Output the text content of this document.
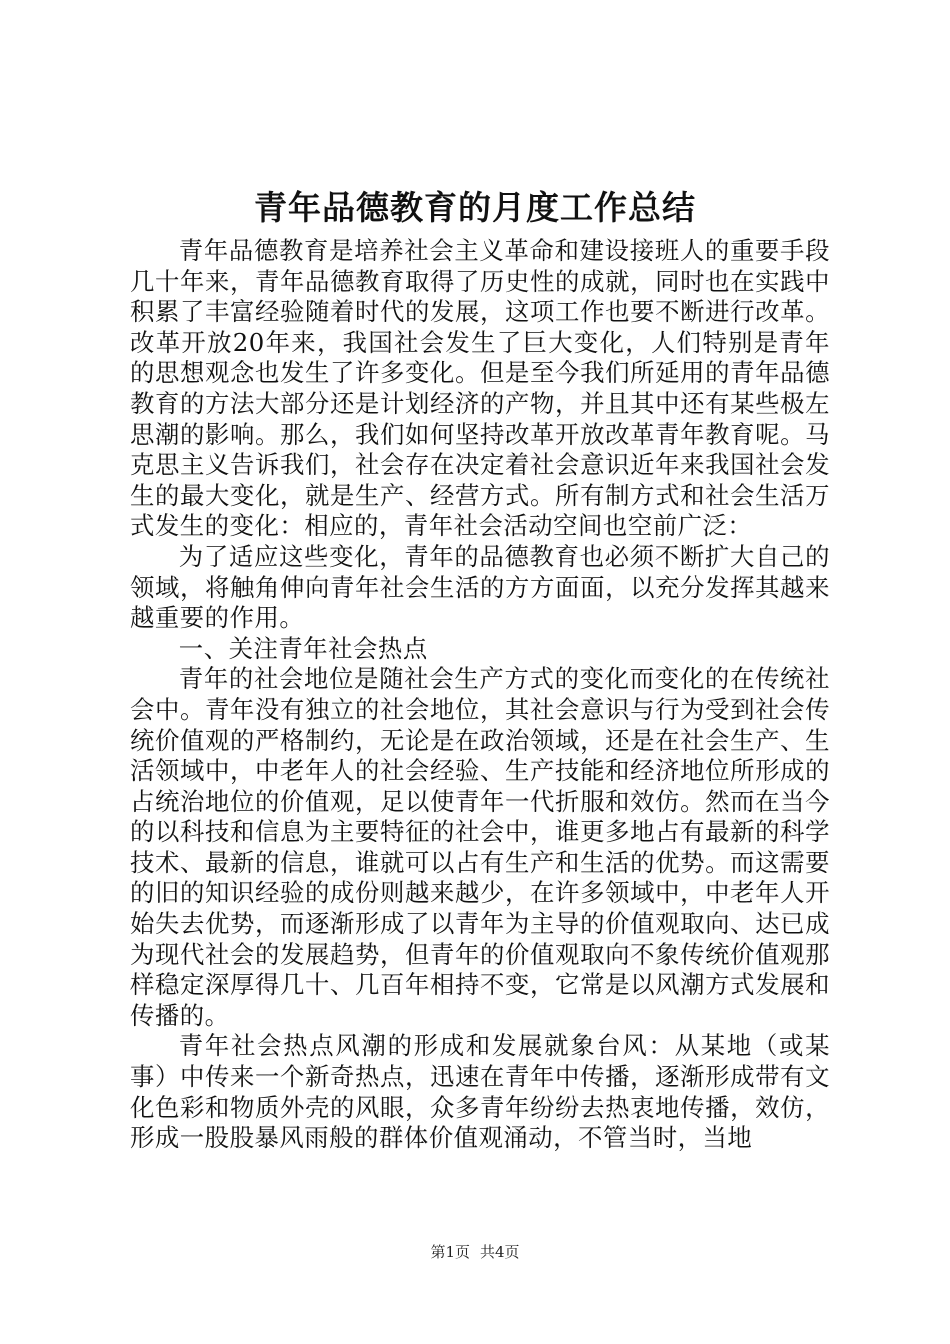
青年品德教育的月度工作总结

青年品德教育是培养社会主义革命和建设接班人的重要手段几十年来，青年品德教育取得了历史性的成就，同时也在实践中积累了丰富经验随着时代的发展，这项工作也要不断进行改革。改革开放20年来，我国社会发生了巨大变化，人们特别是青年的思想观念也发生了许多变化。但是至今我们所延用的青年品德教育的方法大部分还是计划经济的产物，并且其中还有某些极左思潮的影响。那么，我们如何坚持改革开放改革青年教育呢。马克思主义告诉我们，社会存在决定着社会意识近年来我国社会发生的最大变化，就是生产、经营方式。所有制方式和社会生活万式发生的变化：相应的，青年社会活动空间也空前广泛：

为了适应这些变化，青年的品德教育也必须不断扩大自己的领域，将触角伸向青年社会生活的方方面面，以充分发挥其越来越重要的作用。

一、关注青年社会热点

青年的社会地位是随社会生产方式的变化而变化的在传统社会中。青年没有独立的社会地位，其社会意识与行为受到社会传统价值观的严格制约，无论是在政治领域，还是在社会生产、生活领域中，中老年人的社会经验、生产技能和经济地位所形成的占统治地位的价值观，足以使青年一代折服和效仿。然而在当今的以科技和信息为主要特征的社会中，谁更多地占有最新的科学技术、最新的信息，谁就可以占有生产和生活的优势。而这需要的旧的知识经验的成份则越来越少，在许多领域中，中老年人开始失去优势，而逐渐形成了以青年为主导的价值观取向、达已成为现代社会的发展趋势，但青年的价值观取向不象传统价值观那样稳定深厚得几十、几百年相持不变，它常是以风潮方式发展和传播的。

青年社会热点风潮的形成和发展就象台风：从某地（或某事）中传来一个新奇热点，迅速在青年中传播，逐渐形成带有文化色彩和物质外壳的风眼，众多青年纷纷去热衷地传播，效仿，形成一股股暴风雨般的群体价值观涌动，不管当时，当地

第1页 共4页
